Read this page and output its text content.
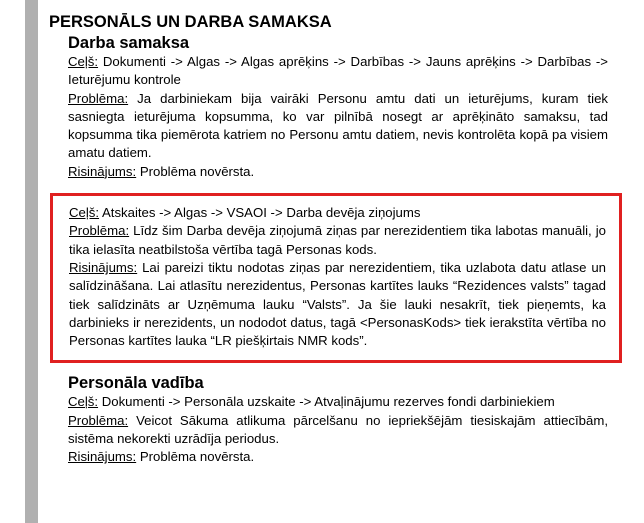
PERSONĀLS UN DARBA SAMAKSA
Darba samaksa

Ceļš: Dokumenti -> Algas -> Algas aprēķins -> Darbības -> Jauns aprēķins -> Darbības -> Ieturējumu kontrole

Problēma: Ja darbiniekam bija vairāki Personu amtu dati un ieturējums, kuram tiek sasniegta ieturējuma kopsumma, ko var pilnībā nosegt ar aprēķināto samaksu, tad kopsumma tika piemērota katriem no Personu amtu datiem, nevis kontrolēta kopā pa visiem amatu datiem.

Risinājums: Problēma novērsta.

Ceļš: Atskaites -> Algas -> VSAOI -> Darba devēja ziņojums

Problēma: Līdz šim Darba devēja ziņojumā ziņas par nerezidentiem tika labotas manuāli, jo tika ielasīta neatbilstoša vērtība tagā Personas kods.

Risinājums: Lai pareizi tiktu nodotas ziņas par nerezidentiem, tika uzlabota datu atlase un salīdzināšana. Lai atlasītu nerezidentus, Personas kartītes lauks “Rezidences valsts” tagad tiek salīdzināts ar Uzņēmuma lauku “Valsts”. Ja šie lauki nesakrīt, tiek pieņemts, ka darbinieks ir nerezidents, un nododot datus, tagā <PersonasKods> tiek ierakstīta vērtība no Personas kartītes lauka “LR piešķirtais NMR kods”.

Personāla vadība

Ceļš: Dokumenti -> Personāla uzskaite -> Atvaļinājumu rezerves fondi darbiniekiem

Problēma: Veicot Sākuma atlikuma pārcelšanu no iepriekšējām tiesiskajām attiecībām, sistēma nekorekti uzrādīja periodus.

Risinājums: Problēma novērsta.
